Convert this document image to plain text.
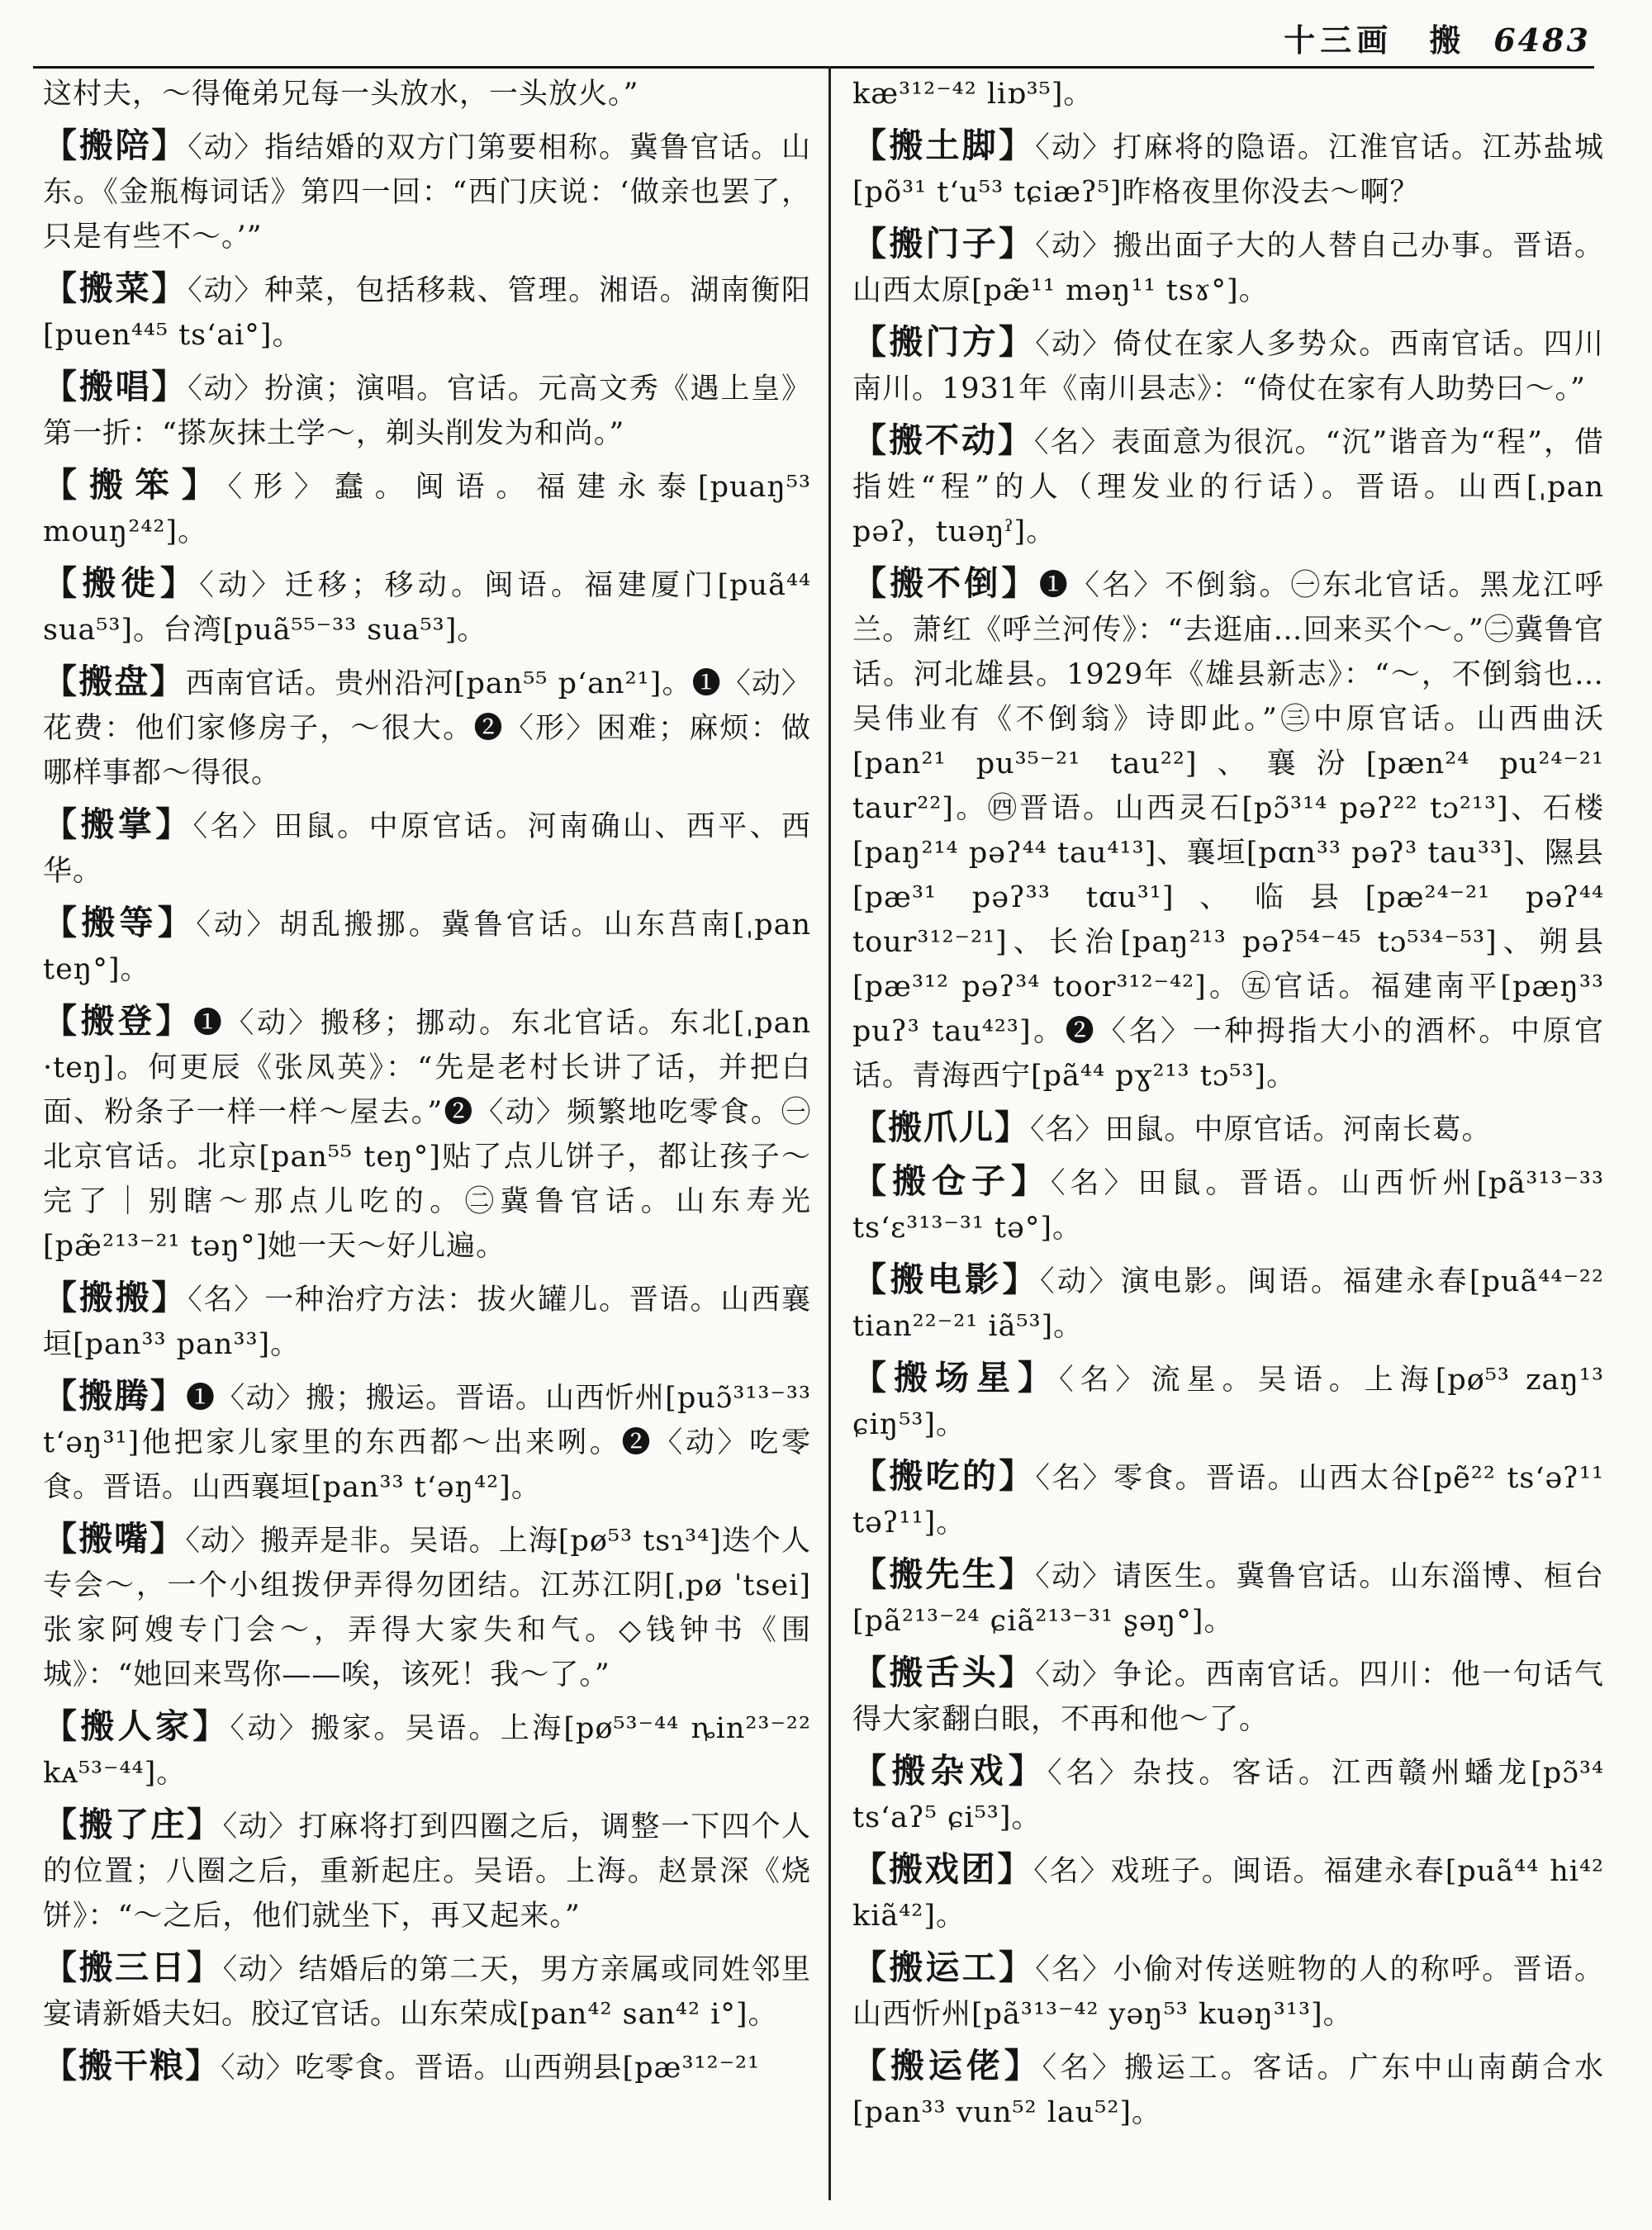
十三画　搬 6483

这村夫，～得俺弟兄每一头放水，一头放火。”

【搬陪】〈动〉指结婚的双方门第要相称。冀鲁官话。山东。《金瓶梅词话》第四一回：“西门庆说：‘做亲也罢了，只是有些不～。’”

【搬菜】〈动〉种菜，包括移栽、管理。湘语。湖南衡阳[puen⁴⁴⁵ ts‘ai°]。

【搬唱】〈动〉扮演；演唱。官话。元高文秀《遇上皇》第一折：“搽灰抹土学～，剃头削发为和尚。”

【搬笨】〈形〉蠢。闽语。福建永泰[puaŋ⁵³ mouŋ²⁴²]。

【搬徙】〈动〉迁移；移动。闽语。福建厦门[puã⁴⁴ sua⁵³]。台湾[puã⁵⁵⁻³³ sua⁵³]。

【搬盘】西南官话。贵州沿河[pan⁵⁵ p‘an²¹]。❶〈动〉花费：他们家修房子，～很大。❷〈形〉困难；麻烦：做哪样事都～得很。

【搬掌】〈名〉田鼠。中原官话。河南确山、西平、西华。

【搬等】〈动〉胡乱搬挪。冀鲁官话。山东莒南[ˌpan teŋ°]。

【搬登】❶〈动〉搬移；挪动。东北官话。东北[ˌpan ·teŋ]。何更辰《张凤英》：“先是老村长讲了话，并把白面、粉条子一样一样～屋去。”❷〈动〉频繁地吃零食。㊀北京官话。北京[pan⁵⁵ teŋ°]贴了点儿饼子，都让孩子～完了｜别瞎～那点儿吃的。㊁冀鲁官话。山东寿光[pæ̃²¹³⁻²¹ təŋ°]她一天～好儿遍。

【搬搬】〈名〉一种治疗方法：拔火罐儿。晋语。山西襄垣[pan³³ pan³³]。

【搬腾】❶〈动〉搬；搬运。晋语。山西忻州[puɔ̃³¹³⁻³³ t‘əŋ³¹]他把家儿家里的东西都～出来咧。❷〈动〉吃零食。晋语。山西襄垣[pan³³ t‘əŋ⁴²]。

【搬嘴】〈动〉搬弄是非。吴语。上海[pø⁵³ tsɿ³⁴]迭个人专会～，一个小组拨伊弄得勿团结。江苏江阴[ˌpø ˈtsei]张家阿嫂专门会～，弄得大家失和气。◇钱钟书《围城》：“她回来骂你——唉，该死！我～了。”

【搬人家】〈动〉搬家。吴语。上海[pø⁵³⁻⁴⁴ ȵin²³⁻²² kᴀ⁵³⁻⁴⁴]。

【搬了庄】〈动〉打麻将打到四圈之后，调整一下四个人的位置；八圈之后，重新起庄。吴语。上海。赵景深《烧饼》：“～之后，他们就坐下，再又起来。”

【搬三日】〈动〉结婚后的第二天，男方亲属或同姓邻里宴请新婚夫妇。胶辽官话。山东荣成[pan⁴² san⁴² i°]。

【搬干粮】〈动〉吃零食。晋语。山西朔县[pæ³¹²⁻²¹

kæ³¹²⁻⁴² liɒ³⁵]。

【搬土脚】〈动〉打麻将的隐语。江淮官话。江苏盐城[põ³¹ t‘u⁵³ tɕiæʔ⁵]昨格夜里你没去～啊？

【搬门子】〈动〉搬出面子大的人替自己办事。晋语。山西太原[pæ̃¹¹ məŋ¹¹ tsɤ°]。

【搬门方】〈动〉倚仗在家人多势众。西南官话。四川南川。1931年《南川县志》：“倚仗在家有人助势曰～。”

【搬不动】〈名〉表面意为很沉。“沉”谐音为“程”，借指姓“程”的人（理发业的行话）。晋语。山西[ˌpan pəʔ，tuəŋˀ]。

【搬不倒】❶〈名〉不倒翁。㊀东北官话。黑龙江呼兰。萧红《呼兰河传》：“去逛庙…回来买个～。”㊁冀鲁官话。河北雄县。1929年《雄县新志》：“～，不倒翁也…吴伟业有《不倒翁》诗即此。”㊂中原官话。山西曲沃[pan²¹ pu³⁵⁻²¹ tau²²]、襄汾[pæn²⁴ pu²⁴⁻²¹ taur²²]。㊃晋语。山西灵石[pɔ̃³¹⁴ pəʔ²² tɔ²¹³]、石楼[paŋ²¹⁴ pəʔ⁴⁴ tau⁴¹³]、襄垣[pɑn³³ pəʔ³ tau³³]、隰县[pæ³¹ pəʔ³³ tɑu³¹]、临县[pæ²⁴⁻²¹ pəʔ⁴⁴ tour³¹²⁻²¹]、长治[paŋ²¹³ pəʔ⁵⁴⁻⁴⁵ tɔ⁵³⁴⁻⁵³]、朔县[pæ³¹² pəʔ³⁴ toor³¹²⁻⁴²]。㊄官话。福建南平[pæŋ³³ puʔ³ tau⁴²³]。❷〈名〉一种拇指大小的酒杯。中原官话。青海西宁[pã⁴⁴ pɣ²¹³ tɔ⁵³]。

【搬爪儿】〈名〉田鼠。中原官话。河南长葛。

【搬仓子】〈名〉田鼠。晋语。山西忻州[pã³¹³⁻³³ ts‘ɛ³¹³⁻³¹ tə°]。

【搬电影】〈动〉演电影。闽语。福建永春[puã⁴⁴⁻²² tian²²⁻²¹ iã⁵³]。

【搬场星】〈名〉流星。吴语。上海[pø⁵³ zaŋ¹³ ɕiŋ⁵³]。

【搬吃的】〈名〉零食。晋语。山西太谷[pẽ²² ts‘əʔ¹¹ təʔ¹¹]。

【搬先生】〈动〉请医生。冀鲁官话。山东淄博、桓台[pã²¹³⁻²⁴ ɕiã²¹³⁻³¹ ʂəŋ°]。

【搬舌头】〈动〉争论。西南官话。四川：他一句话气得大家翻白眼，不再和他～了。

【搬杂戏】〈名〉杂技。客话。江西赣州蟠龙[pɔ̃³⁴ ts‘aʔ⁵ ɕi⁵³]。

【搬戏团】〈名〉戏班子。闽语。福建永春[puã⁴⁴ hi⁴² kiã⁴²]。

【搬运工】〈名〉小偷对传送赃物的人的称呼。晋语。山西忻州[pã³¹³⁻⁴² yəŋ⁵³ kuəŋ³¹³]。

【搬运佬】〈名〉搬运工。客话。广东中山南蓢合水[pan³³ vun⁵² lau⁵²]。
